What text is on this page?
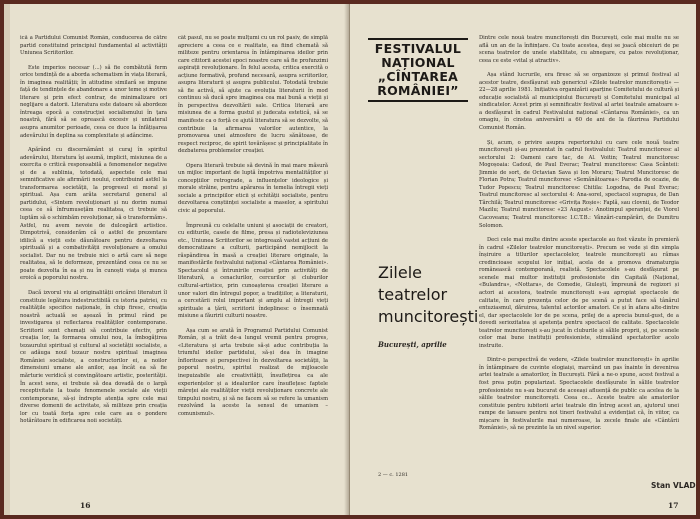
ică a Partidului Comunist Român, conducerea de către partid constituind principiul fundamental al activității Uniunea Scriitorilor.

Este imperios necesar (...) să fie combătută ferm orice tendință de a aborda schematism în viața literară, în imaginea realității; în atitudine similară se impune față de tendințele de abandonare a unor teme și motive literare și prin efect contrar, de minimalizare ori neglijare a datorii. Literatura este datoare să abordeze întreaga epocă a construcției socialismului în țara noastră, fără să se oprească excesiv și unilateral asupra anumitor perioade, ceea ce duce la înfățișarea adevărului în deplina sa complexitate și adâncime.

Apărând cu discernământ și curaj în spiritul adevărului, literatura își asumă, implicit, misiunea de a exercita o critică responsabilă a fenomenelor negative și de a sublinia, totodată, aspectele cele mai semnificative ale afirmării noului, contribuind astfel la transformarea societății, la progresul ei moral și spiritual. Așa cum arăta secretarul general al partidului, «Sintem revoluționari și nu dorim numai ceea ce să înfrumusețăm realitatea, ci trebuie să luptăm să o schimbăm revoluționar, să o transformăm». Astfel, nu avem nevoie de dulcegării artistice. Dimpotrivă, considerăm că o astfel de prezentare idilică a vieții este dăunătoare pentru dezvoltarea spirituală și a combativității revoluționare a omului socialist. Dar nu ne trebuie nici o artă care să nege realitatea, să le deformeze, prezentând ceea ce nu se poate dezvolta în ea și nu în cunoști viața și munca eroică a poporului nostru.

Dacă izvorul viu al originalității oricărei literaturi îl constituie legătura indestructibilă cu istoria patriei, cu realitățile specifice naționale, în chip firesc, creația noastră actuală se așează în primul rând pe investigarea și reflectarea realităților contemporane. Scriitorii sunt chemați să contribuie efectiv, prin creația lor, la formarea omului nou, la îmbogățirea tezaurului spiritual și cultural al societății socialiste, a ce adăuga noul tezaur nostru spiritual imaginea României socialiste, a constructorilor ei, a noilor dimensiuni umane ale anilor, așa încât ea să fie mărturie veridică și convingătoare artistic, posterității. În acest sens, ei trebuie să dea dovadă de o largă receptivitate la toate fenomenele sociale ale vieții contemporane, să-și îndrepte atenția spre cele mai diverse domenii de activitate, să militeze prin creația lor cu toată forța spre cele care au o pondere hotărâtoare în edificarea noii societăți.

cât pasul, nu se poate mulțumi cu un rol pasiv, de simplă apreciere a ceea ce e realitate, ea fiind chemată să militeze pentru orientarea în întâmpinarea ideilor prin care cititorii acestei epoci noastre care să fie profunzimi aspirații revoluționare. În felul acesta, critica exercită o acțiune formativă, profund necesară, asupra scriitorilor, asupra literaturii și asupra publicului. Totodată trebuie să fie activă, să ajute ca evoluția literaturii în mod continuu să ducă spre imaginea cea mai bună a vieții și în perspectiva dezvoltării sale. Critica literară are misiunea de a forma gustul și judecata estetică, să se manifeste ca o forță ce ajută literatura să se dezvolte, să contribuie la afirmarea valorilor autentice, la promovarea unei atmosfere de lucru sănătoase, de respect reciproc, de spirit tovărășesc și principialitate în dezbaterea problemelor creației.

Opera literară trebuie să devină în mai mare măsură un mijloc important de luptă împotriva mentalităților și concepțiilor retrograde, a influențelor ideologice și morale străine, pentru apărarea în temelia întregii vieți sociale a principiilor eticii și echității socialiste, pentru dezvoltarea conștiinței socialiste a maselor, a spiritului civic al poporului.

Împreună cu celelalte uniuni și asociații de creatori, cu editurile, casele de filme, presa și radioteleviziunea etc., Uniunea Scriitorilor se integrează vastei acțiuni de democratizare a culturii, participând nemijlocit la răspândirea în masă a creației literare originale, la manifestările festivalului național «Cântarea României». Spectacolul și întrunirile creației prin activități de literatură, a cenaclurilor, cercurilor și cluburilor cultural-artistice, prin cunoașterea creației literare a unor valori din întregul popor, a tradițiilor, a literaturii, a cercetării rolul important și amplu al întregii vieți spirituale a țării, scriitorii îndeplinesc o însemnată misiune a făuririi culturii noastre.

Așa cum se arată în Programul Partidului Comunist Român, și a trăit de-a lungul vremii pentru progres, «Literatura și arta trebuie să-și aduc contribuția la triumful ideilor partidului, să-și dea în imagine înfloritoare și perspectivei în dezvoltarea societății, la poporul nostru, spiritul realizat de mijloacele inepuizabile ale creativității, însuflețirea ca ale experiențelor și a idealurilor care însuflețesc faptele măreței ale realităților vieții revoluționare concrete ale timpului nostru, și să ne facem să se refere la umanism rezolvând la aceste la sensul de umanism – comunismul».

16
FESTIVALUL
NAȚIONAL
„CÎNTAREA
ROMÂNIEI”
Zilele teatrelor muncitorești
București, aprilie
2 — c. 1281

Dintre cele nouă teatre muncitorești din București, cele mai multe nu se află un an de la înființare. Cu toate acestea, deși se joacă obiceiuri de pe scena teatrelor de unele stabilitate, cu abnegare, cu patos revoluționar, ceea ce este «vital și atractiv».

Așa stând lucrurile, era firesc să se organizeze și primul festival al acestor teatre, desfășurat sub genericul «Zilele teatrelor muncitorești» — 22—28 aprilie 1981. Inițiativa organizării aparține Comitetului de cultură și educație socialistă al municipiului București și Comitetului municipal al sindicatelor. Acest prim și semnificativ festival al artei teatrale amatoare s-a desfășurat în cadrul Festivalului național «Cântarea României», ca un omagiu, în cinstea aniversării a 60 de ani de la făurirea Partidului Comunist Român.

Și, acum, o privire asupra repertoriului cu care cele nouă teatre muncitorești și-au prezentat în cadrul festivalului: Teatrul muncitoresc al sectorului 2: Oameni care tac, de Al. Voitin; Teatrul muncitoresc Mogoșoaia: Cadoul, de Paul Everac; Teatrul muncitoresc Casa Scânteii: Jimmie de sort, de Octavian Sava și Ion Moraru; Teatrul Muncitoresc de Florian Potra; Teatrul muncitoresc «Semănătoarea»: Parodia de ocazie, de Tudor Popescu; Teatrul muncitoresc Chitila: Logodna, de Paul Everac; Teatrul muncitoresc al sectorului 4: Ana-sorel, spectacol suprapus, de Dan Tărchilă; Teatrul muncitoresc «Grivița Roșie»: Faplă, sau clovnii, de Teodor Mazilu; Teatrul muncitoresc «23 August»: Anotimpul speranței, de Viorel Cacoveanu; Teatrul muncitoresc I.C.T.B.: Vânzări-cumpărări, de Dumitru Solomon.

Deci cele mai multe dintre aceste spectacole au fost văzute în premieră în cadrul «Zilelor teatrelor muncitorești». Precum se vede și din simpla înșiruire a titlurilor spectacolelor, teatrele muncitorești au rămas credincioase scopului lor inițial, acela de a promova dramaturgia românească contemporană, realistă. Spectacolele s-au desfășurat pe scenele mai multor instituții profesioniste din Capitală (Național, «Bulandra», «Nottara», de Comedie, Giulești, împreună de regizori și actori ai acestora, teatrele muncitorești s-au apropiat spectacole de calitate, în care prezența celor de pe scenă a putut face să tânărul entuziasmul, dăruirea, talentul actorilor amatori. Ce și în afara alte-dintre el, dar spectacolele lor de pe scena, prilej de a aprecia bunul-gust, de a dovedi seriozitatea și apetența pentru spectacol de calitate. Spectacolele teatrelor muncitorești s-au jucat în cluburile și sălile proprii, și, pe scenele celor mai bune instituții profesioniste, stimulând spectatorilor acolo instruite.

Dintr-o perspectivă de vedere, «Zilele teatrelor muncitorești» în aprilie în întâmpinare de cuvinte elogiaiși, marcând un pas înainte în devenirea artei teatrale a amatorilor, în București. Fără a ne-o spune, acest festival a fost prea puțin popularizat. Spectacolele desfășurate în sălile teatrelor profesioniste nu s-au bucurat de aceeași afluență de public ca acelea de la sălile teatrelor muncitorești. Ceea ce... Aceste teatre ale amatorilor constituie pentru iubitorii artei teatrale din întreg acest an, ajutorul unei rampe de lansare pentru noi tineri festivalul a evidențiat că, în viitor, ca mișcare în festivalurile mai numeroase, la zecele finale ale «Cântării României», să ne prezinte la un nivel superior.

Stan VLAD
17
